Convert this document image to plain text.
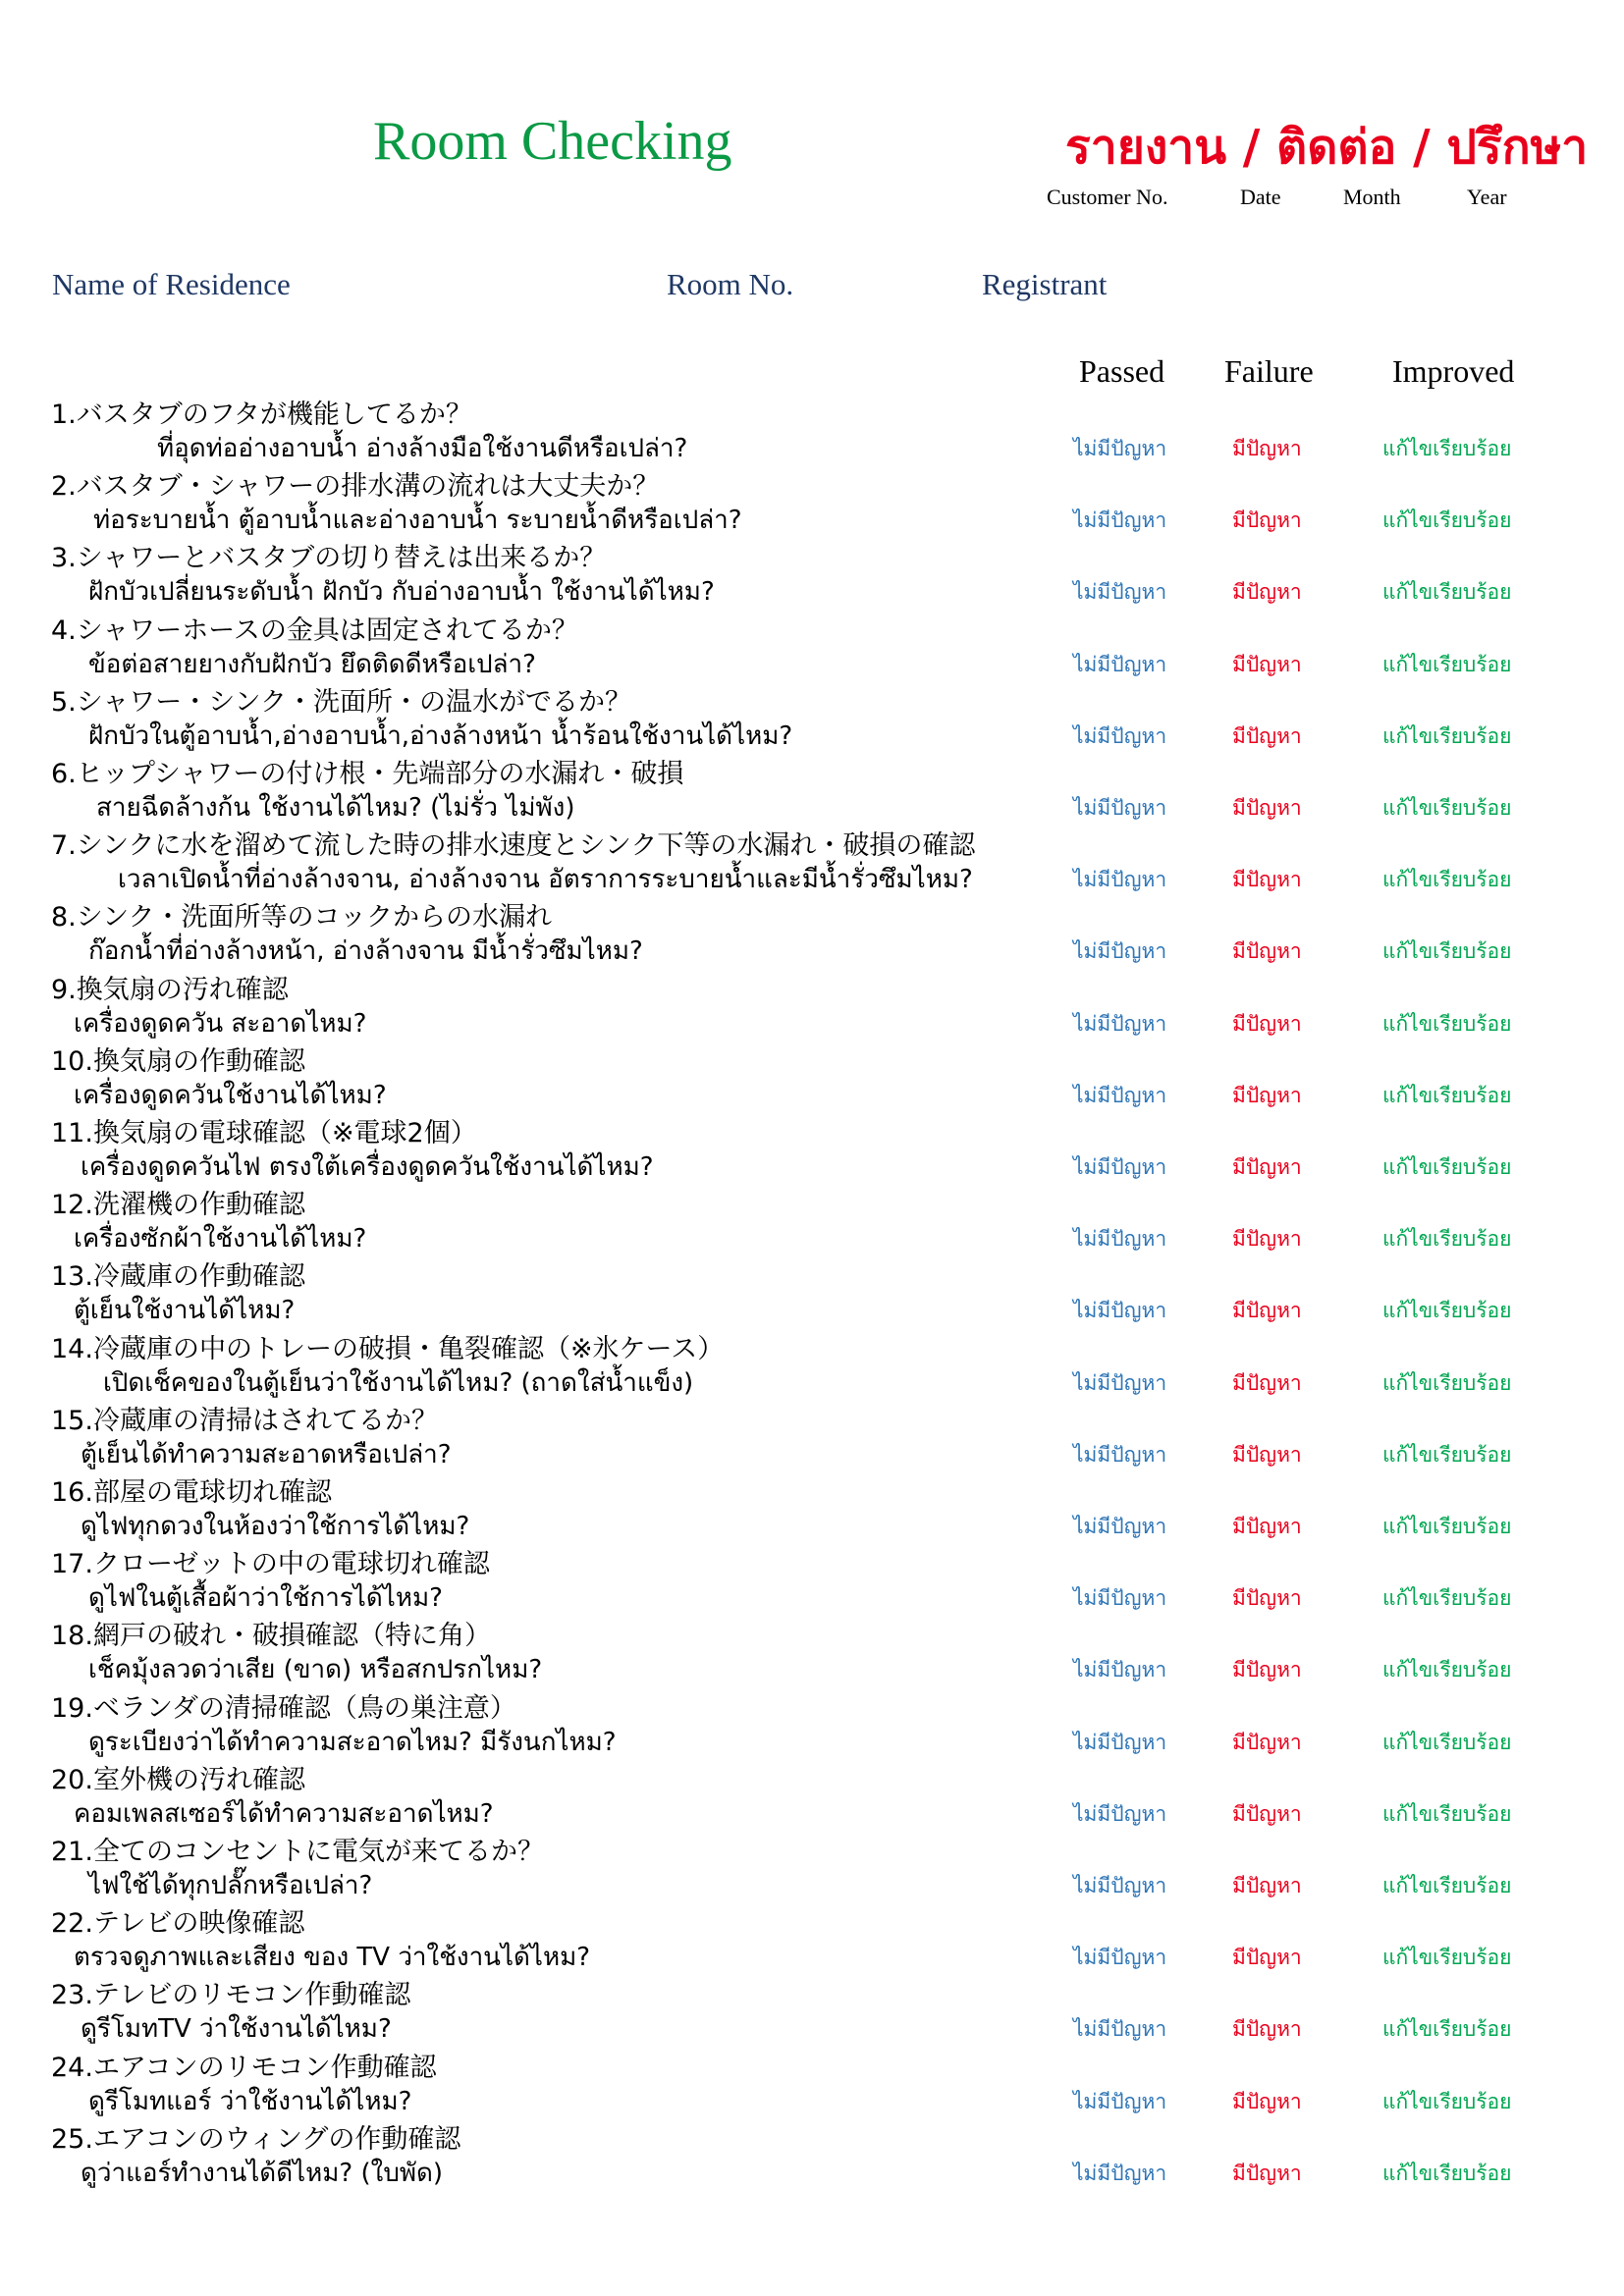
Room Checking	รายงาน / ติดต่อ / ปรึกษา
Customer No.	Date	Month	Year
Name of Residence	Room No.	Registrant
Passed Failure	Improved
1.バスタブのフタが機能してるか？
ที่อุดท่ออ่างอาบน้ำ อ่างล้างมือใช้งานดีหรือเปล่า?	ไม่มีปัญหา	มีปัญหา	แก้ไขเรียบร้อย
2.バスタブ・シャワーの排水溝の流れは大丈夫か？
ท่อระบายน้ำ ตู้อาบน้ำและอ่างอาบน้ำ ระบายน้ำดีหรือเปล่า?	ไม่มีปัญหา	มีปัญหา	แก้ไขเรียบร้อย
3.シャワーとバスタブの切り替えは出来るか？
ฝักบัวเปลี่ยนระดับน้ำ ฝักบัว กับอ่างอาบน้ำ ใช้งานได้ไหม?	ไม่มีปัญหา	มีปัญหา	แก้ไขเรียบร้อย
4.シャワーホースの金具は固定されてるか？
ข้อต่อสายยางกับฝักบัว ยึดติดดีหรือเปล่า?	ไม่มีปัญหา	มีปัญหา	แก้ไขเรียบร้อย
5.シャワー・シンク・洗面所・の温水がでるか？
ฝักบัวในตู้อาบน้ำ,อ่างอาบน้ำ,อ่างล้างหน้า น้ำร้อนใช้งานได้ไหม?	ไม่มีปัญหา	มีปัญหา	แก้ไขเรียบร้อย
6.ヒップシャワーの付け根・先端部分の水漏れ・破損
สายฉีดล้างก้น ใช้งานได้ไหม? (ไม่รั่ว ไม่พัง)	ไม่มีปัญหา	มีปัญหา	แก้ไขเรียบร้อย
7.シンクに水を溜めて流した時の排水速度とシンク下等の水漏れ・破損の確認
เวลาเปิดน้ำที่อ่างล้างจาน, อ่างล้างจาน อัตราการระบายน้ำและมีน้ำรั่วซึมไหม?	ไม่มีปัญหา	มีปัญหา	แก้ไขเรียบร้อย
8.シンク・洗面所等のコックからの水漏れ
ก๊อกน้ำที่อ่างล้างหน้า, อ่างล้างจาน มีน้ำรั่วซึมไหม?	ไม่มีปัญหา	มีปัญหา	แก้ไขเรียบร้อย
9.換気扇の汚れ確認
เครื่องดูดควัน สะอาดไหม?	ไม่มีปัญหา	มีปัญหา	แก้ไขเรียบร้อย
10.換気扇の作動確認
เครื่องดูดควันใช้งานได้ไหม?	ไม่มีปัญหา	มีปัญหา	แก้ไขเรียบร้อย
11.換気扇の電球確認（※電球2個）
เครื่องดูดควันไฟ ตรงใต้เครื่องดูดควันใช้งานได้ไหม?	ไม่มีปัญหา	มีปัญหา	แก้ไขเรียบร้อย
12.洗濯機の作動確認
เครื่องซักผ้าใช้งานได้ไหม?	ไม่มีปัญหา	มีปัญหา	แก้ไขเรียบร้อย
13.冷蔵庫の作動確認
ตู้เย็นใช้งานได้ไหม?	ไม่มีปัญหา	มีปัญหา	แก้ไขเรียบร้อย
14.冷蔵庫の中のトレーの破損・亀裂確認（※氷ケース）
เปิดเช็คของในตู้เย็นว่าใช้งานได้ไหม? (ถาดใส่น้ำแข็ง)	ไม่มีปัญหา	มีปัญหา	แก้ไขเรียบร้อย
15.冷蔵庫の清掃はされてるか？
ตู้เย็นได้ทำความสะอาดหรือเปล่า?	ไม่มีปัญหา	มีปัญหา	แก้ไขเรียบร้อย
16.部屋の電球切れ確認
ดูไฟทุกดวงในห้องว่าใช้การได้ไหม?	ไม่มีปัญหา	มีปัญหา	แก้ไขเรียบร้อย
17.クローゼットの中の電球切れ確認
ดูไฟในตู้เสื้อผ้าว่าใช้การได้ไหม?	ไม่มีปัญหา	มีปัญหา	แก้ไขเรียบร้อย
18.網戸の破れ・破損確認（特に角）
เช็คมุ้งลวดว่าเสีย (ขาด) หรือสกปรกไหม?	ไม่มีปัญหา	มีปัญหา	แก้ไขเรียบร้อย
19.ベランダの清掃確認（鳥の巣注意）
ดูระเบียงว่าได้ทำความสะอาดไหม? มีรังนกไหม?	ไม่มีปัญหา	มีปัญหา	แก้ไขเรียบร้อย
20.室外機の汚れ確認
คอมเพลสเซอร์ได้ทำความสะอาดไหม?	ไม่มีปัญหา	มีปัญหา	แก้ไขเรียบร้อย
21.全てのコンセントに電気が来てるか？
ไฟใช้ได้ทุกปลั๊กหรือเปล่า?	ไม่มีปัญหา	มีปัญหา	แก้ไขเรียบร้อย
22.テレビの映像確認
ตรวจดูภาพและเสียง ของ TV ว่าใช้งานได้ไหม?	ไม่มีปัญหา	มีปัญหา	แก้ไขเรียบร้อย
23.テレビのリモコン作動確認
ดูรีโมทTV ว่าใช้งานได้ไหม?	ไม่มีปัญหา	มีปัญหา	แก้ไขเรียบร้อย
24.エアコンのリモコン作動確認
ดูรีโมทแอร์ ว่าใช้งานได้ไหม?	ไม่มีปัญหา	มีปัญหา	แก้ไขเรียบร้อย
25.エアコンのウィングの作動確認
ดูว่าแอร์ทำงานได้ดีไหม? (ใบพัด)	ไม่มีปัญหา	มีปัญหา	แก้ไขเรียบร้อย
